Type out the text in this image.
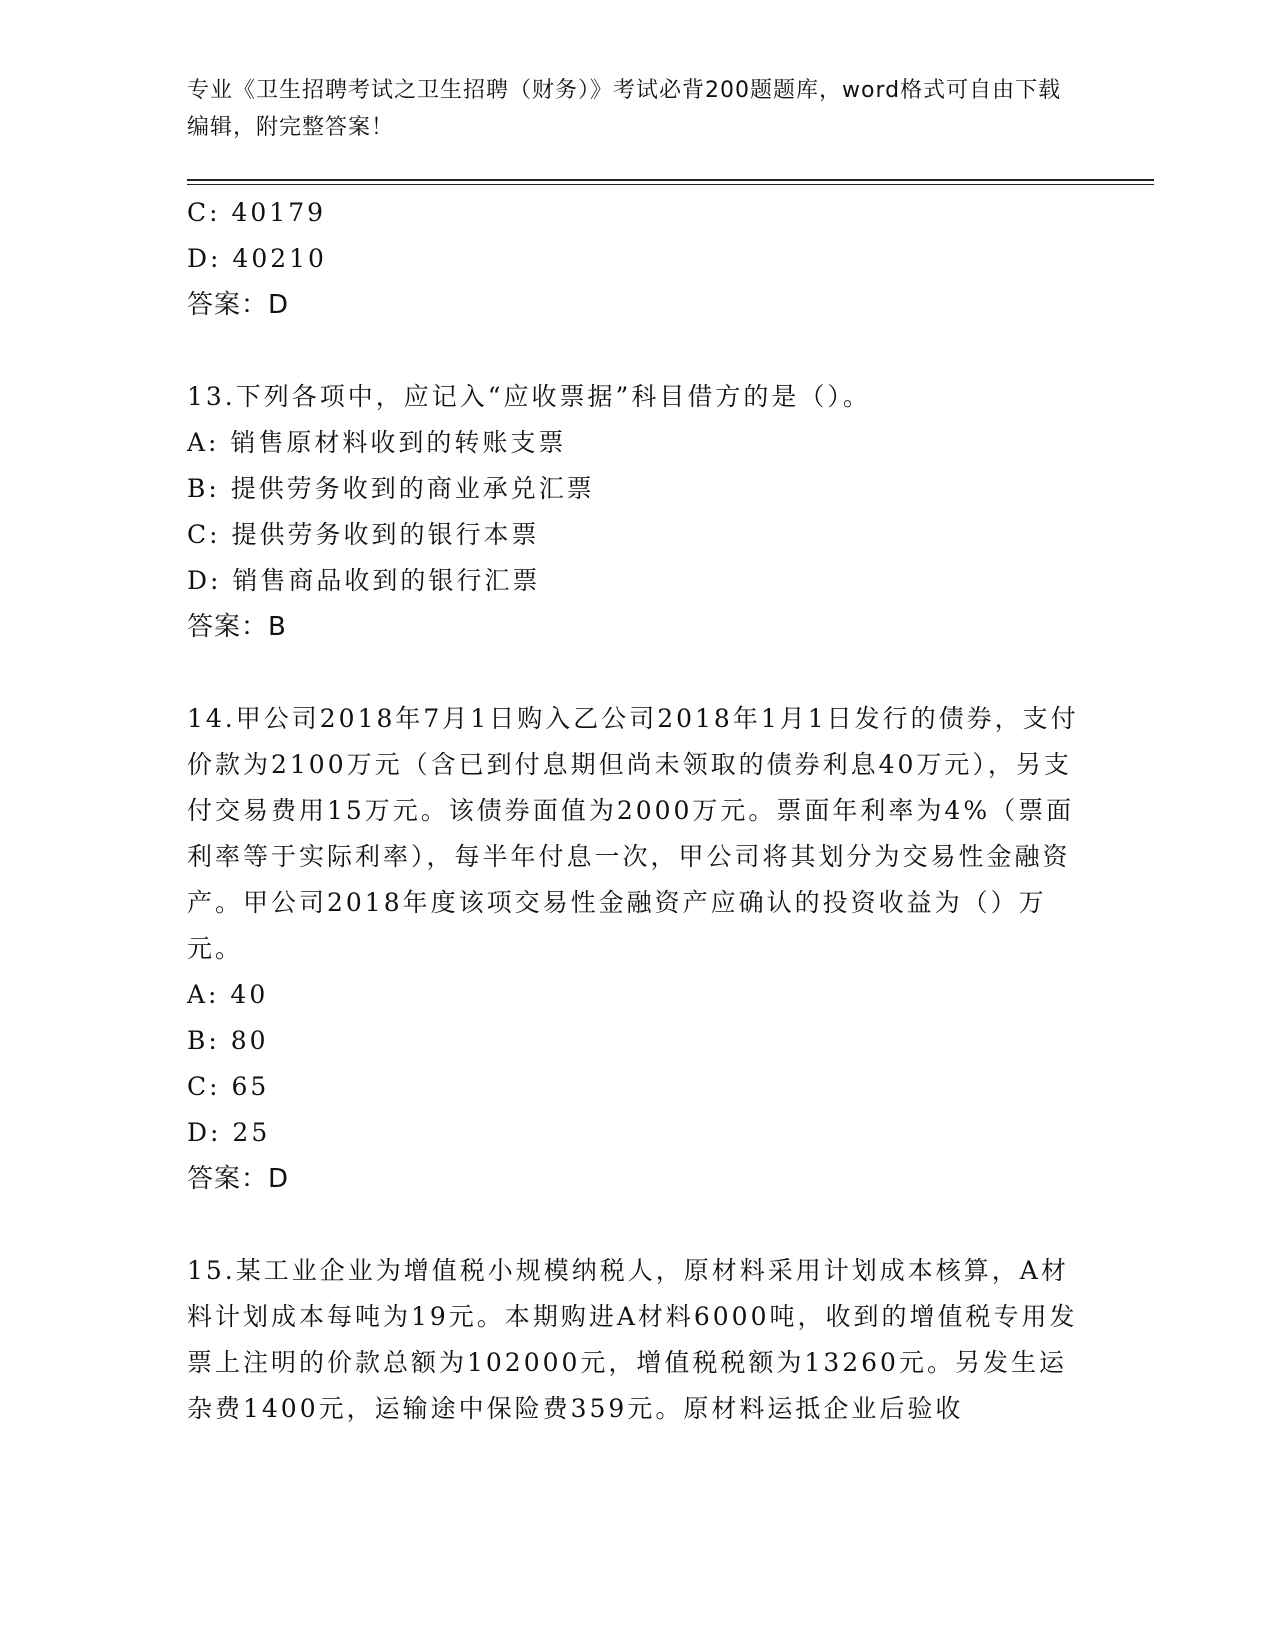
专业《卫生招聘考试之卫生招聘（财务）》考试必背200题题库，word格式可自由下载编辑，附完整答案！
C: 40179
D: 40210
答案：D
13.下列各项中，应记入“应收票据”科目借方的是（）。
A: 销售原材料收到的转账支票
B: 提供劳务收到的商业承兑汇票
C: 提供劳务收到的银行本票
D: 销售商品收到的银行汇票
答案：B
14.甲公司2018年7月1日购入乙公司2018年1月1日发行的债券，支付价款为2100万元（含已到付息期但尚未领取的债券利息40万元），另支付交易费用15万元。该债券面值为2000万元。票面年利率为4%（票面利率等于实际利率），每半年付息一次，甲公司将其划分为交易性金融资产。甲公司2018年度该项交易性金融资产应确认的投资收益为（）万元。
A: 40
B: 80
C: 65
D: 25
答案：D
15.某工业企业为增值税小规模纳税人，原材料采用计划成本核算，A材料计划成本每吨为19元。本期购进A材料6000吨，收到的增值税专用发票上注明的价款总额为102000元，增值税税额为13260元。另发生运杂费1400元，运输途中保险费359元。原材料运抵企业后验收
